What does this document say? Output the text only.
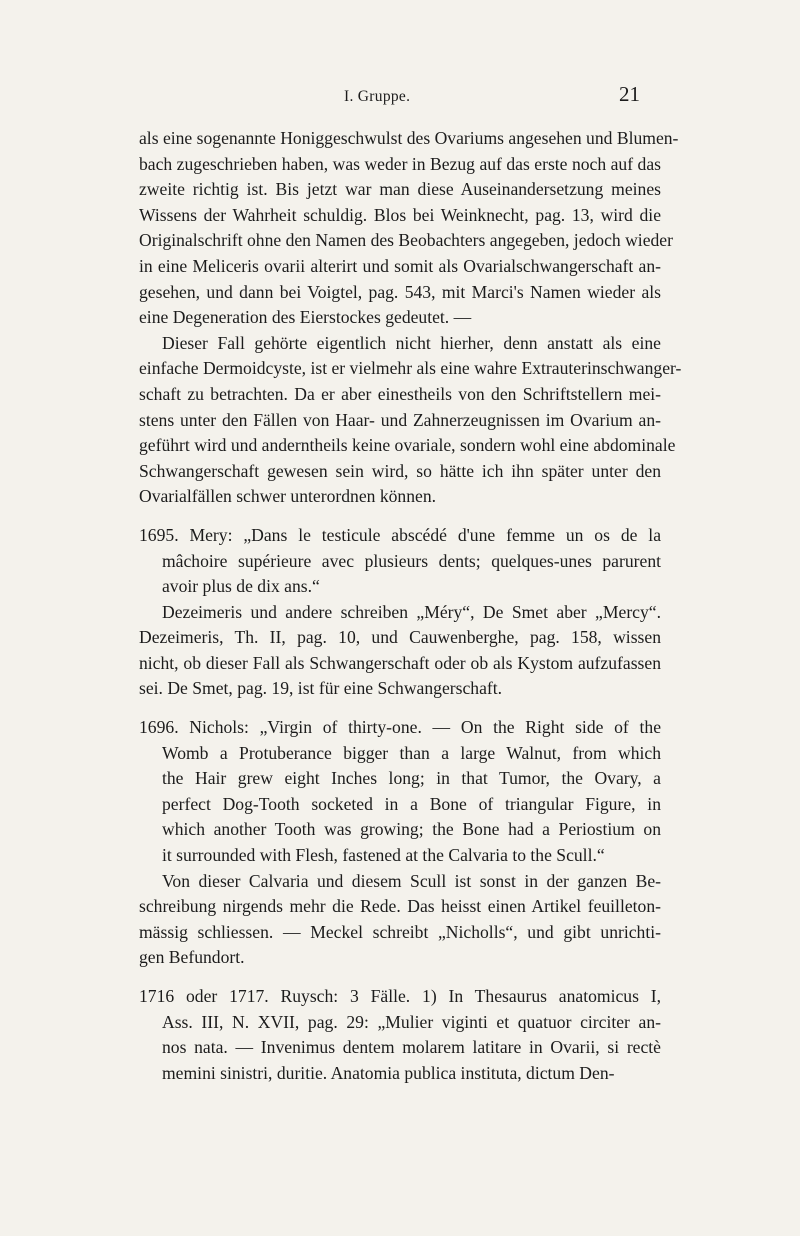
I. Gruppe.	21
als eine sogenannte Honiggeschwulst des Ovariums angesehen und Blumen-
bach zugeschrieben haben, was weder in Bezug auf das erste noch auf das
zweite richtig ist. Bis jetzt war man diese Auseinandersetzung meines
Wissens der Wahrheit schuldig. Blos bei Weinknecht, pag. 13, wird die
Originalschrift ohne den Namen des Beobachters angegeben, jedoch wieder
in eine Meliceris ovarii alterirt und somit als Ovarialschwangerschaft an-
gesehen, und dann bei Voigtel, pag. 543, mit Marci's Namen wieder als
eine Degeneration des Eierstockes gedeutet. —
Dieser Fall gehörte eigentlich nicht hierher, denn anstatt als eine
einfache Dermoidcyste, ist er vielmehr als eine wahre Extrauterinschwanger-
schaft zu betrachten. Da er aber einestheils von den Schriftstellern mei-
stens unter den Fällen von Haar- und Zahnerzeugnissen im Ovarium an-
geführt wird und anderntheils keine ovariale, sondern wohl eine abdominale
Schwangerschaft gewesen sein wird, so hätte ich ihn später unter den
Ovarialfällen schwer unterordnen können.
1695. Mery: „Dans le testicule abscédé d'une femme un os de la
mâchoire supérieure avec plusieurs dents; quelques-unes parurent
avoir plus de dix ans.“
Dezeimeris und andere schreiben „Méry“, De Smet aber „Mercy“.
Dezeimeris, Th. II, pag. 10, und Cauwenberghe, pag. 158, wissen
nicht, ob dieser Fall als Schwangerschaft oder ob als Kystom aufzufassen
sei. De Smet, pag. 19, ist für eine Schwangerschaft.
1696. Nichols: „Virgin of thirty-one. — On the Right side of the
Womb a Protuberance bigger than a large Walnut, from which
the Hair grew eight Inches long; in that Tumor, the Ovary, a
perfect Dog-Tooth socketed in a Bone of triangular Figure, in
which another Tooth was growing; the Bone had a Periostium on
it surrounded with Flesh, fastened at the Calvaria to the Scull.“
Von dieser Calvaria und diesem Scull ist sonst in der ganzen Be-
schreibung nirgends mehr die Rede. Das heisst einen Artikel feuilleton-
mässig schliessen. — Meckel schreibt „Nicholls“, und gibt unrichti-
gen Befundort.
1716 oder 1717. Ruysch: 3 Fälle. 1) In Thesaurus anatomicus I,
Ass. III, N. XVII, pag. 29: „Mulier viginti et quatuor circiter an-
nos nata. — Invenimus dentem molarem latitare in Ovarii, si rectè
memini sinistri, duritie. Anatomia publica instituta, dictum Den-
